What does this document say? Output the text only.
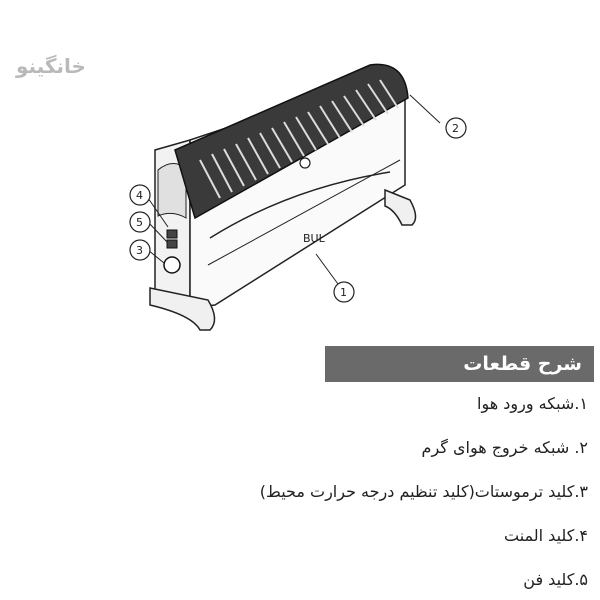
خانگینو
BUL
2
1
4
5
3
شرح قطعات
۱.شبکه ورود هوا
۲. شبکه خروج هوای گرم
۳.کلید ترموستات(کلید تنظیم درجه حرارت محیط)
۴.کلید المنت
۵.کلید فن
